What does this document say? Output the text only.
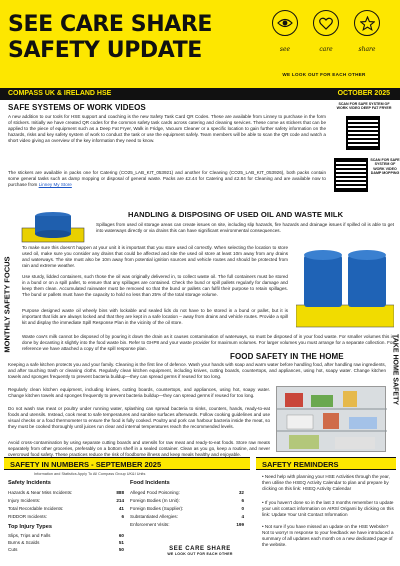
SEE CARE SHARE
SAFETY UPDATE	see	care	share
WE LOOK OUT FOR EACH OTHER
COMPASS UK & IRELAND HSE	OCTOBER 2025
SAFE SYSTEMS OF WORK VIDEOS
A new addition to our tools for HSE support and coaching is the new Safety Task Card QR Codes. These are available from Linney to purchase in the form of stickers. Initially we have created QR codes for the common safety task cards across catering and cleaning services. These come as stickers that can be applied to the piece of equipment such as a Deep Fat Fryer, Walk in Fridge, Vacuum Cleaner or a specific location to gain further safety information on the hazards, risks and key safety system of work to conduct the task or use the equipment safely. Team members will be able to scan the QR code and watch a short video giving an overview of the key information they need to know.
The stickers are available in packs one for Catering (CO25_LAB_KIT_053921) and another for Cleaning (CO25_LAB_KIT_053926), both packs contain some general tasks such as damp mopping or disposal of general waste. Packs are £2.44 for Catering and £2.84 for Cleaning and are available now to purchase from Linney My Store
SCAN FOR SAFE SYSTEM OF WORK VIDEO DEEP FAT FRYER
SCAN FOR SAFE SYSTEM OF WORK VIDEO DAMP MOPPING
HANDLING & DISPOSING OF USED OIL AND WASTE MILK
MONTHLY SAFETY FOCUS
Spillages from used oil storage areas can create issues on site, including slip hazards, fire hazards and drainage issues if spilled oil is able to get into waterways directly or via drains this can have significant environmental consequences.
To make sure this doesn't happen at your unit it is important that you store used oil correctly. When selecting the location to store used oil, make sure you consider any drains that could be affected and site the used oil store at least 10m away from any drains and waterways. The site must also be 10m away from potential ignition sources and vehicle routes and should be protected from rain and extreme weather.
Use sturdy, lidded containers, such those the oil was originally delivered in, to collect waste oil. The full containers must be stored in a bund or on a spill pallet, to ensure that any spillages are contained. Check the bund or spill pallets regularly for damage and keep them clean. Accumulated rainwater must be removed so that the bund or pallets can fulfil their purpose to retain spillages. The bund or pallets must have the capacity to hold no less than 25% of the total storage volume.
Purpose designed waste oil wheely bins with lockable and sealed lids do not have to be stored in a bund or pallet, but it is important that lids are always locked and that they are kept in a safe location – away from drains and vehicle routes. Provide a spill kit and display the immediate Spill Response Plan in the vicinity of the oil store.
Waste cow's milk cannot be disposed of by pouring it down the drain as it causes contamination of waterways, so must be disposed of in your food waste. For smaller volumes this is done by decanting it slightly into the food waste bin. Refer to GHP8 and your waste provider for maximum volumes. For larger volumes you must arrange for a separate collection. For reference we have attached a copy of the spill response plan.
FOOD SAFETY IN THE HOME	TAKE HOME SAFETY
Keeping a safe kitchen protects you and your family. Cleaning is the first line of defence. Wash your hands with soap and warm water before handling food, after handling raw ingredients, and after touching trash or cleaning cloths. Regularly clean kitchen equipment, including knives, cutting boards, countertops, and appliances, using hot, soapy water. Change kitchen towels and sponges frequently to prevent bacteria buildup—they can spread germs if reused for too long.
Regularly clean kitchen equipment, including knives, cutting boards, countertops, and appliances, using hot, soapy water. Change kitchen towels and sponges frequently to prevent bacteria buildup—they can spread germs if reused for too long.
Do not wash raw meat or poultry under running water, splashing can spread bacteria to sinks, counters, hands, ready-to-eat foods and utensils. Instead, cook meat to safe temperatures and sanitise surfaces afterwards. Follow cooking guidelines and use visual checks or a food thermometer to ensure the food is fully cooked. Poultry and pork can harbour bacteria inside the meat, so they must be cooked thoroughly until juices run clear and internal temperatures reach the recommended levels.
Avoid cross-contamination by using separate cutting boards and utensils for raw meat and ready-to-eat foods. Store raw meats separately from other groceries, preferably on a bottom shelf in a sealed container. Clean as you go, keep a routine, and never overcrowd food safety. These practices reduce the risk of foodborne illness and keep meals healthy and enjoyable.
SAFETY IN NUMBERS - SEPTEMBER 2025
Information and Statistics Apply To All Compass Group UK&I Units
Safety Incidents
Hazards & Near Miss Incidents:	888
Injury Incidents:	214
Total Recordable Incidents:	41
RIDDOR Incidents:	6
Top Injury Types
Slips, Trips and Falls	60
Burns & Scalds	51
Cuts	50
Food Incidents
Alleged Food Poisoning:	32
Foreign Bodies (In Unit):	6
Foreign Bodies (Supplier):	0
Substantiated Allergies:	4
Enforcement Visits:	199
SAFETY REMINDERS
• Need help with planning your HSE Activities through the year, then utilise the HSEQ Activity Calendar to plan and prepare by clicking on this link: HSEQ Activity Calendar
• If you haven't done so in the last 3 months remember to update your unit contact information on AIRS/ Origami by clicking on this link: Update Your Unit Contact Information
• Not sure if you have missed an update on the HSE Website? Not to worry! In response to your feedback we have introduced a summary of all updates each month on a new dedicated page of the website.
SEE CARE SHARE
WE LOOK OUT FOR EACH OTHER
